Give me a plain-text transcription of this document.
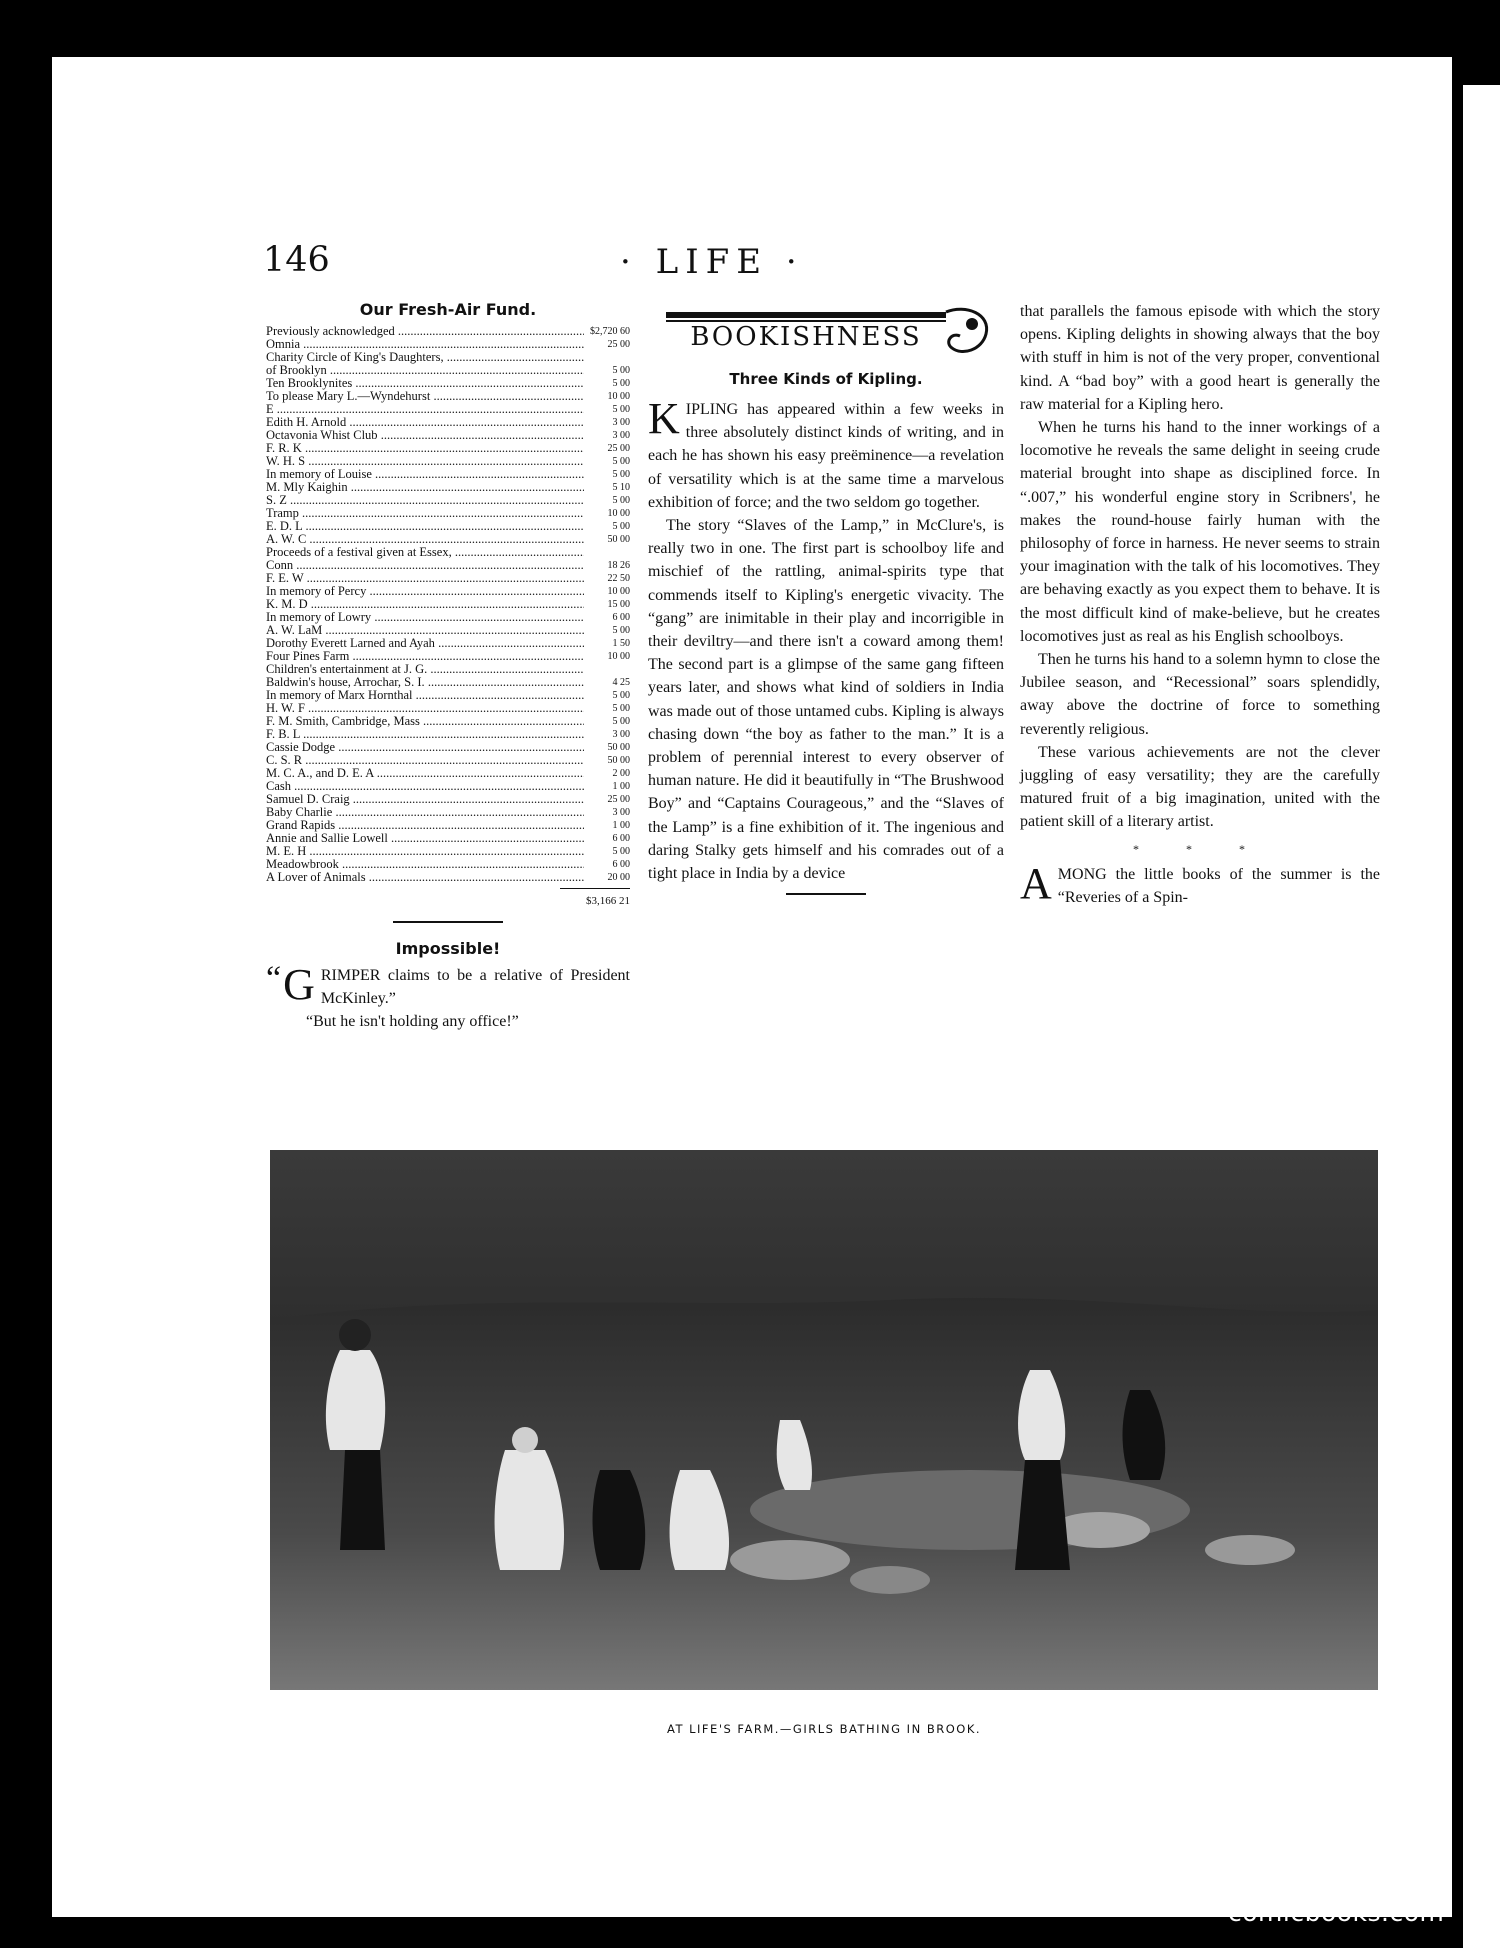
146	· LIFE ·
Our Fresh-Air Fund.
Previously acknowledged .....	$2,720 60
Omnia .....	25 00
Charity Circle of King's Daughters, .....
of Brooklyn .....	5 00
Ten Brooklynites .....	5 00
To please Mary L.—Wyndehurst .....	10 00
E .....	5 00
Edith H. Arnold .....	3 00
Octavonia Whist Club .....	3 00
F. R. K .....	25 00
W. H. S .....	5 00
In memory of Louise .....	5 00
M. Mly Kaighin .....	5 10
S. Z .....	5 00
Tramp .....	10 00
E. D. L .....	5 00
A. W. C .....	50 00
Proceeds of a festival given at Essex, .....
Conn .....	18 26
F. E. W .....	22 50
In memory of Percy .....	10 00
K. M. D .....	15 00
In memory of Lowry .....	6 00
A. W. LaM .....	5 00
Dorothy Everett Larned and Ayah .....	1 50
Four Pines Farm .....	10 00
Children's entertainment at J. G. .....
Baldwin's house, Arrochar, S. I. .....	4 25
In memory of Marx Hornthal .....	5 00
H. W. F .....	5 00
F. M. Smith, Cambridge, Mass .....	5 00
F. B. L .....	3 00
Cassie Dodge .....	50 00
C. S. R .....	50 00
M. C. A., and D. E. A .....	2 00
Cash .....	1 00
Samuel D. Craig .....	25 00
Baby Charlie .....	3 00
Grand Rapids .....	1 00
Annie and Sallie Lowell .....	6 00
M. E. H .....	5 00
Meadowbrook .....	6 00
A Lover of Animals .....	20 00
$3,166 21
Impossible!

“ G RIMPER claims to be a relative of President McKinley.”

“But he isn't holding any office!”

BOOKISHNESS
Three Kinds of Kipling.

KIPLING has appeared within a few weeks in three absolutely distinct kinds of writing, and in each he has shown his easy preëminence—a revelation of versatility which is at the same time a marvelous exhibition of force; and the two seldom go together.

The story “Slaves of the Lamp,” in McClure's, is really two in one. The first part is schoolboy life and mischief of the rattling, animal-spirits type that commends itself to Kipling's energetic vivacity. The “gang” are inimitable in their play and incorrigible in their deviltry—and there isn't a coward among them! The second part is a glimpse of the same gang fifteen years later, and shows what kind of soldiers in India was made out of those untamed cubs. Kipling is always chasing down “the boy as father to the man.” It is a problem of perennial interest to every observer of human nature. He did it beautifully in “The Brushwood Boy” and “Captains Courageous,” and the “Slaves of the Lamp” is a fine exhibition of it. The ingenious and daring Stalky gets himself and his comrades out of a tight place in India by a device

that parallels the famous episode with which the story opens. Kipling delights in showing always that the boy with stuff in him is not of the very proper, conventional kind. A “bad boy” with a good heart is generally the raw material for a Kipling hero.

When he turns his hand to the inner workings of a locomotive he reveals the same delight in seeing crude material brought into shape as disciplined force. In “.007,” his wonderful engine story in Scribners', he makes the round-house fairly human with the philosophy of force in harness. He never seems to strain your imagination with the talk of his locomotives. They are behaving exactly as you expect them to behave. It is the most difficult kind of make-believe, but he creates locomotives just as real as his English schoolboys.

Then he turns his hand to a solemn hymn to close the Jubilee season, and “Recessional” soars splendidly, away above the doctrine of force to something reverently religious.

These various achievements are not the clever juggling of easy versatility; they are the carefully matured fruit of a big imagination, united with the patient skill of a literary artist.

* * *

AMONG the little books of the summer is the “Reveries of a Spin-

AT LIFE'S FARM.—GIRLS BATHING IN BROOK.
comicbooks.com
